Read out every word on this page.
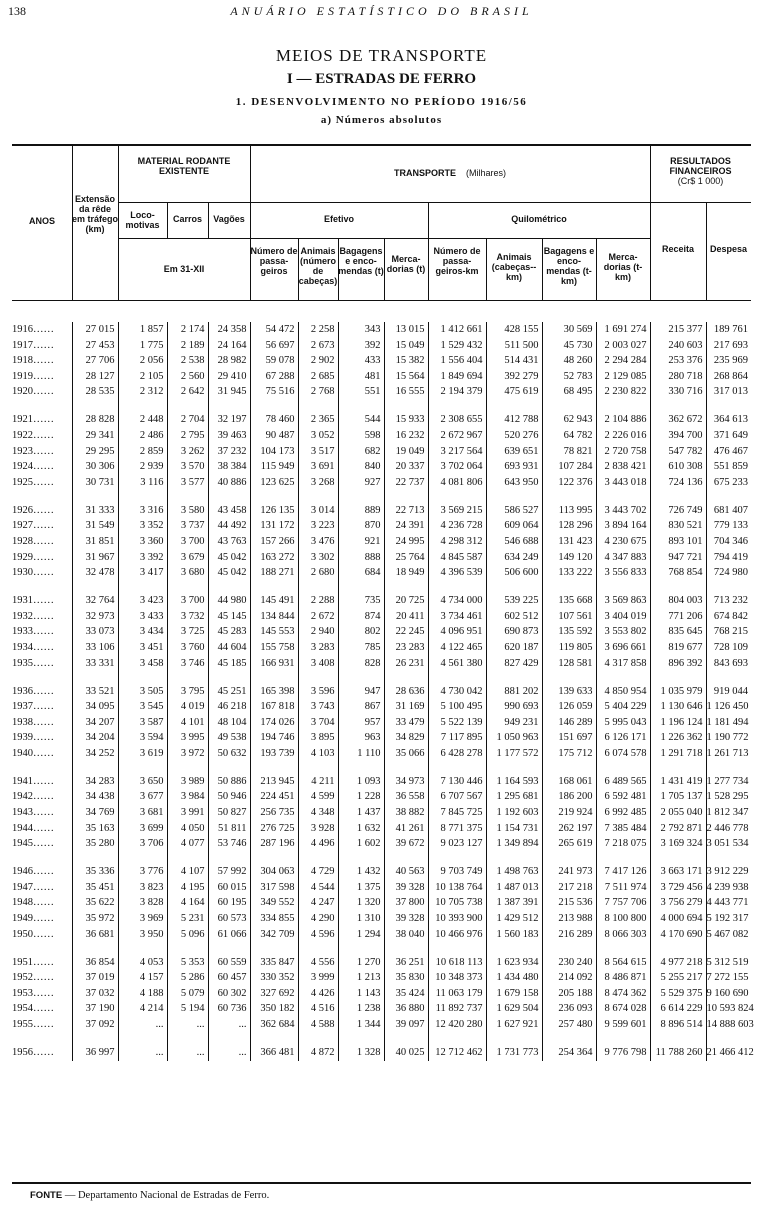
138	ANUÁRIO ESTATÍSTICO DO BRASIL
MEIOS DE TRANSPORTE
I — ESTRADAS DE FERRO
1. DESENVOLVIMENTO NO PERÍODO 1916/56
a) Números absolutos
ANOS
Extensão da rêde em tráfego (km)
MATERIAL RODANTE EXISTENTE
Loco-motivas
Carros	Vagões
Em 31-XII
TRANSPORTE (Milhares)
Efetivo	Quilométrico
Número de passa-geiros
Animais (número de cabeças)
Bagagens e enco-mendas (t)
Merca-dorias (t)
Número de passa-geiros-km
Animais (cabeças--km)
Bagagens e enco-mendas (t-km)
Merca-dorias (t-km)
RESULTADOS FINANCEIROS
(Cr$ 1 000)
Receita	Despesa
1916……	27 015	1 857	2 174	24 358	54 472	2 258	343	13 015	1 412 661	428 155	30 569	1 691 274	215 377	189 761
1917……	27 453	1 775	2 189	24 164	56 697	2 673	392	15 049	1 529 432	511 500	45 730	2 003 027	240 603	217 693
1918……	27 706	2 056	2 538	28 982	59 078	2 902	433	15 382	1 556 404	514 431	48 260	2 294 284	253 376	235 969
1919……	28 127	2 105	2 560	29 410	67 288	2 685	481	15 564	1 849 694	392 279	52 783	2 129 085	280 718	268 864
1920……	28 535	2 312	2 642	31 945	75 516	2 768	551	16 555	2 194 379	475 619	68 495	2 230 822	330 716	317 013
1921……	28 828	2 448	2 704	32 197	78 460	2 365	544	15 933	2 308 655	412 788	62 943	2 104 886	362 672	364 613
1922……	29 341	2 486	2 795	39 463	90 487	3 052	598	16 232	2 672 967	520 276	64 782	2 226 016	394 700	371 649
1923……	29 295	2 859	3 262	37 232	104 173	3 517	682	19 049	3 217 564	639 651	78 821	2 720 758	547 782	476 467
1924……	30 306	2 939	3 570	38 384	115 949	3 691	840	20 337	3 702 064	693 931	107 284	2 838 421	610 308	551 859
1925……	30 731	3 116	3 577	40 886	123 625	3 268	927	22 737	4 081 806	643 950	122 376	3 443 018	724 136	675 233
1926……	31 333	3 316	3 580	43 458	126 135	3 014	889	22 713	3 569 215	586 527	113 995	3 443 702	726 749	681 407
1927……	31 549	3 352	3 737	44 492	131 172	3 223	870	24 391	4 236 728	609 064	128 296	3 894 164	830 521	779 133
1928……	31 851	3 360	3 700	43 763	157 266	3 476	921	24 995	4 298 312	546 688	131 423	4 230 675	893 101	704 346
1929……	31 967	3 392	3 679	45 042	163 272	3 302	888	25 764	4 845 587	634 249	149 120	4 347 883	947 721	794 419
1930……	32 478	3 417	3 680	45 042	188 271	2 680	684	18 949	4 396 539	506 600	133 222	3 556 833	768 854	724 980
1931……	32 764	3 423	3 700	44 980	145 491	2 288	735	20 725	4 734 000	539 225	135 668	3 569 863	804 003	713 232
1932……	32 973	3 433	3 732	45 145	134 844	2 672	874	20 411	3 734 461	602 512	107 561	3 404 019	771 206	674 842
1933……	33 073	3 434	3 725	45 283	145 553	2 940	802	22 245	4 096 951	690 873	135 592	3 553 802	835 645	768 215
1934……	33 106	3 451	3 760	44 604	155 758	3 283	785	23 283	4 122 465	620 187	119 805	3 696 661	819 677	728 109
1935……	33 331	3 458	3 746	45 185	166 931	3 408	828	26 231	4 561 380	827 429	128 581	4 317 858	896 392	843 693
1936……	33 521	3 505	3 795	45 251	165 398	3 596	947	28 636	4 730 042	881 202	139 633	4 850 954	1 035 979	919 044
1937……	34 095	3 545	4 019	46 218	167 818	3 743	867	31 169	5 100 495	990 693	126 059	5 404 229	1 130 646	1 126 450
1938……	34 207	3 587	4 101	48 104	174 026	3 704	957	33 479	5 522 139	949 231	146 289	5 995 043	1 196 124	1 181 494
1939……	34 204	3 594	3 995	49 538	194 746	3 895	963	34 829	7 117 895	1 050 963	151 697	6 126 171	1 226 362	1 190 772
1940……	34 252	3 619	3 972	50 632	193 739	4 103	1 110	35 066	6 428 278	1 177 572	175 712	6 074 578	1 291 718	1 261 713
1941……	34 283	3 650	3 989	50 886	213 945	4 211	1 093	34 973	7 130 446	1 164 593	168 061	6 489 565	1 431 419	1 277 734
1942……	34 438	3 677	3 984	50 946	224 451	4 599	1 228	36 558	6 707 567	1 295 681	186 200	6 592 481	1 705 137	1 528 295
1943……	34 769	3 681	3 991	50 827	256 735	4 348	1 437	38 882	7 845 725	1 192 603	219 924	6 992 485	2 055 040	1 812 347
1944……	35 163	3 699	4 050	51 811	276 725	3 928	1 632	41 261	8 771 375	1 154 731	262 197	7 385 484	2 792 871	2 446 778
1945……	35 280	3 706	4 077	53 746	287 196	4 496	1 602	39 672	9 023 127	1 349 894	265 619	7 218 075	3 169 324	3 051 534
1946……	35 336	3 776	4 107	57 992	304 063	4 729	1 432	40 563	9 703 749	1 498 763	241 973	7 417 126	3 663 171	3 912 229
1947……	35 451	3 823	4 195	60 015	317 598	4 544	1 375	39 328	10 138 764	1 487 013	217 218	7 511 974	3 729 456	4 239 938
1948……	35 622	3 828	4 164	60 195	349 552	4 247	1 320	37 800	10 705 738	1 387 391	215 536	7 757 706	3 756 279	4 443 771
1949……	35 972	3 969	5 231	60 573	334 855	4 290	1 310	39 328	10 393 900	1 429 512	213 988	8 100 800	4 000 694	5 192 317
1950……	36 681	3 950	5 096	61 066	342 709	4 596	1 294	38 040	10 466 976	1 560 183	216 289	8 066 303	4 170 690	5 467 082
1951……	36 854	4 053	5 353	60 559	335 847	4 556	1 270	36 251	10 618 113	1 623 934	230 240	8 564 615	4 977 218	5 312 519
1952……	37 019	4 157	5 286	60 457	330 352	3 999	1 213	35 830	10 348 373	1 434 480	214 092	8 486 871	5 255 217	7 272 155
1953……	37 032	4 188	5 079	60 302	327 692	4 426	1 143	35 424	11 063 179	1 679 158	205 188	8 474 362	5 529 375	9 160 690
1954……	37 190	4 214	5 194	60 736	350 182	4 516	1 238	36 880	11 892 737	1 629 504	236 093	8 674 028	6 614 229	10 593 824
1955……	37 092	...	...	...	362 684	4 588	1 344	39 097	12 420 280	1 627 921	257 480	9 599 601	8 896 514	14 888 603
1956……	36 997	...	...	...	366 481	4 872	1 328	40 025	12 712 462	1 731 773	254 364	9 776 798	11 788 260	21 466 412
FONTE — Departamento Nacional de Estradas de Ferro.
